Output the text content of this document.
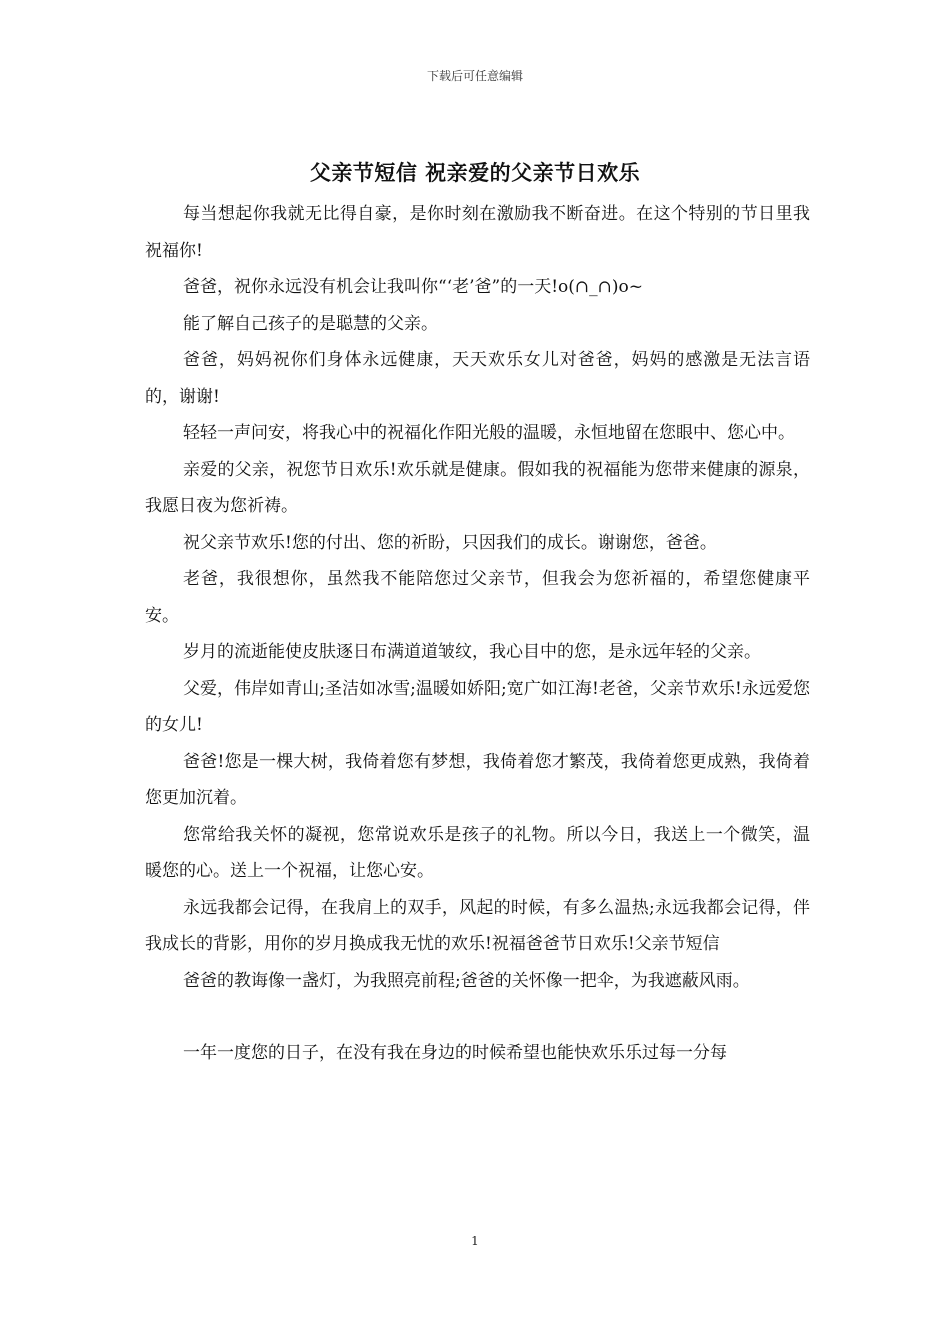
下载后可任意编辑
父亲节短信 祝亲爱的父亲节日欢乐

每当想起你我就无比得自豪，是你时刻在激励我不断奋进。在这个特别的节日里我祝福你!

爸爸，祝你永远没有机会让我叫你“‘老’爸”的一天!o(∩_∩)o~

能了解自己孩子的是聪慧的父亲。

爸爸，妈妈祝你们身体永远健康，天天欢乐女儿对爸爸，妈妈的感激是无法言语的，谢谢!

轻轻一声问安，将我心中的祝福化作阳光般的温暖，永恒地留在您眼中、您心中。

亲爱的父亲，祝您节日欢乐!欢乐就是健康。假如我的祝福能为您带来健康的源泉，我愿日夜为您祈祷。

祝父亲节欢乐!您的付出、您的祈盼，只因我们的成长。谢谢您，爸爸。

老爸，我很想你，虽然我不能陪您过父亲节，但我会为您祈福的，希望您健康平安。

岁月的流逝能使皮肤逐日布满道道皱纹，我心目中的您，是永远年轻的父亲。

父爱，伟岸如青山;圣洁如冰雪;温暖如娇阳;宽广如江海!老爸，父亲节欢乐!永远爱您的女儿!

爸爸!您是一棵大树，我倚着您有梦想，我倚着您才繁茂，我倚着您更成熟，我倚着您更加沉着。

您常给我关怀的凝视，您常说欢乐是孩子的礼物。所以今日，我送上一个微笑，温暖您的心。送上一个祝福，让您心安。

永远我都会记得，在我肩上的双手，风起的时候，有多么温热;永远我都会记得，伴我成长的背影，用你的岁月换成我无忧的欢乐!祝福爸爸节日欢乐!父亲节短信

爸爸的教诲像一盏灯，为我照亮前程;爸爸的关怀像一把伞，为我遮蔽风雨。

一年一度您的日子，在没有我在身边的时候希望也能快欢乐乐过每一分每

1
